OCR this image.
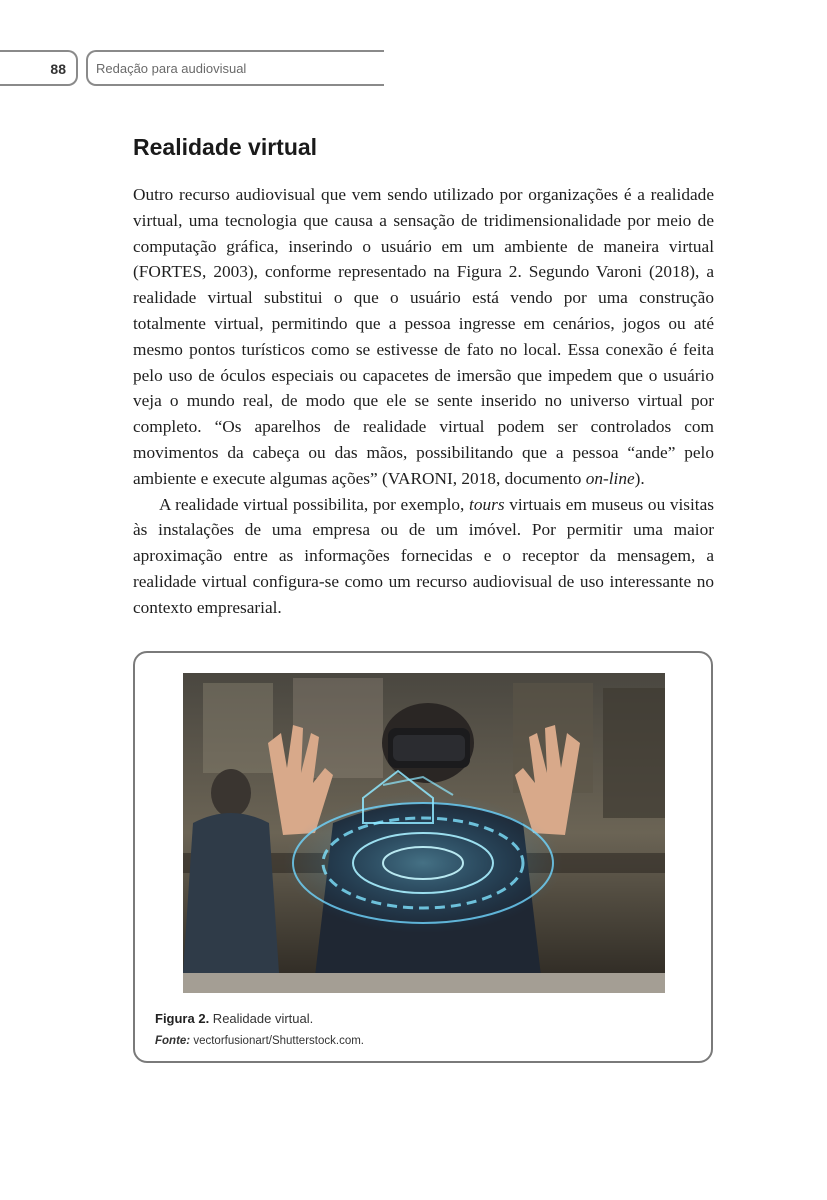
88 Redação para audiovisual
Realidade virtual

Outro recurso audiovisual que vem sendo utilizado por organizações é a realidade virtual, uma tecnologia que causa a sensação de tridimensionalidade por meio de computação gráfica, inserindo o usuário em um ambiente de maneira virtual (FORTES, 2003), conforme representado na Figura 2. Segundo Varoni (2018), a realidade virtual substitui o que o usuário está vendo por uma construção totalmente virtual, permitindo que a pessoa ingresse em cenários, jogos ou até mesmo pontos turísticos como se estivesse de fato no local. Essa conexão é feita pelo uso de óculos especiais ou capacetes de imersão que impedem que o usuário veja o mundo real, de modo que ele se sente inserido no universo virtual por completo. “Os aparelhos de realidade virtual podem ser controlados com movimentos da cabeça ou das mãos, possibilitando que a pessoa “ande” pelo ambiente e execute algumas ações” (VARONI, 2018, documento on-line).

A realidade virtual possibilita, por exemplo, tours virtuais em museus ou visitas às instalações de uma empresa ou de um imóvel. Por permitir uma maior aproximação entre as informações fornecidas e o receptor da mensagem, a realidade virtual configura-se como um recurso audiovisual de uso interessante no contexto empresarial.

Figura 2. Realidade virtual.
Fonte: vectorfusionart/Shutterstock.com.
